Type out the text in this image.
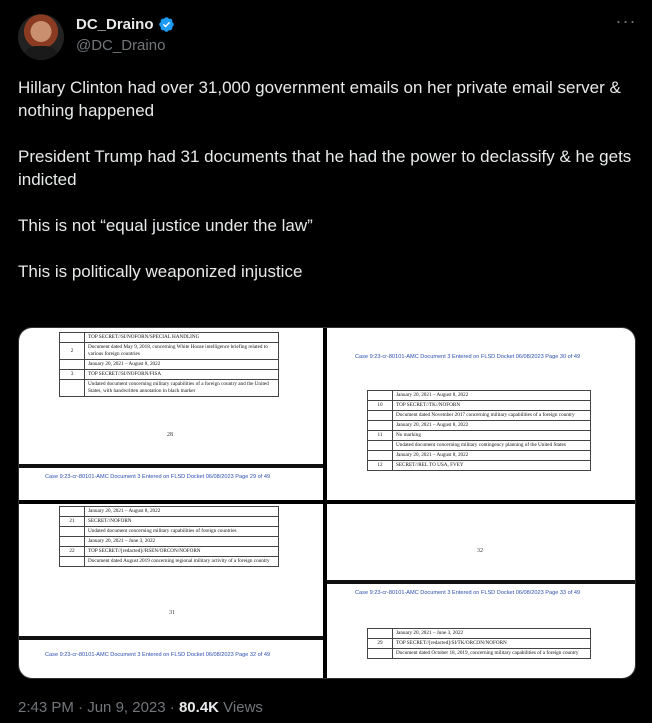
DC_Draino
@DC_Draino
···

Hillary Clinton had over 31,000 government emails on her private email server & nothing happened

President Trump had 31 documents that he had the power to declassify & he gets indicted

This is not “equal justice under the law”

This is politically weaponized injustice

	TOP SECRET//SI/NOFORN/SPECIAL HANDLING
2	Document dated May 9, 2018, concerning White House intelligence briefing related to various foreign countries
	January 20, 2021 – August 8, 2022
3	TOP SECRET//SI/NOFORN/FISA
	Undated document concerning military capabilities of a foreign country and the United States, with handwritten annotation in black marker
28
Case 9:23-cr-80101-AMC Document 3 Entered on FLSD Docket 06/08/2023 Page 29 of 49
Case 9:23-cr-80101-AMC Document 3 Entered on FLSD Docket 06/08/2023 Page 30 of 49
	January 20, 2021 – August 8, 2022
10	TOP SECRET//TK//NOFORN
	Document dated November 2017 concerning military capabilities of a foreign country
	January 20, 2021 – August 8, 2022
11	No marking
	Undated document concerning military contingency planning of the United States
	January 20, 2021 – August 8, 2022
12	SECRET//REL TO USA, FVEY
	January 20, 2021 – August 8, 2022
21	SECRET//NOFORN
	Undated document concerning military capabilities of foreign countries
	January 20, 2021 – June 3, 2022
22	TOP SECRET//[redacted]//RSEN/ORCON/NOFORN
	Document dated August 2019 concerning regional military activity of a foreign country
31
Case 9:23-cr-80101-AMC Document 3 Entered on FLSD Docket 06/08/2023 Page 32 of 49
32
Case 9:23-cr-80101-AMC Document 3 Entered on FLSD Docket 06/08/2023 Page 33 of 49
	January 20, 2021 – June 3, 2022
29	TOP SECRET//[redacted]/SI/TK/ORCON/NOFORN
	Document dated October 18, 2019, concerning military capabilities of a foreign country
2:43 PM · Jun 9, 2023 · 80.4K Views
